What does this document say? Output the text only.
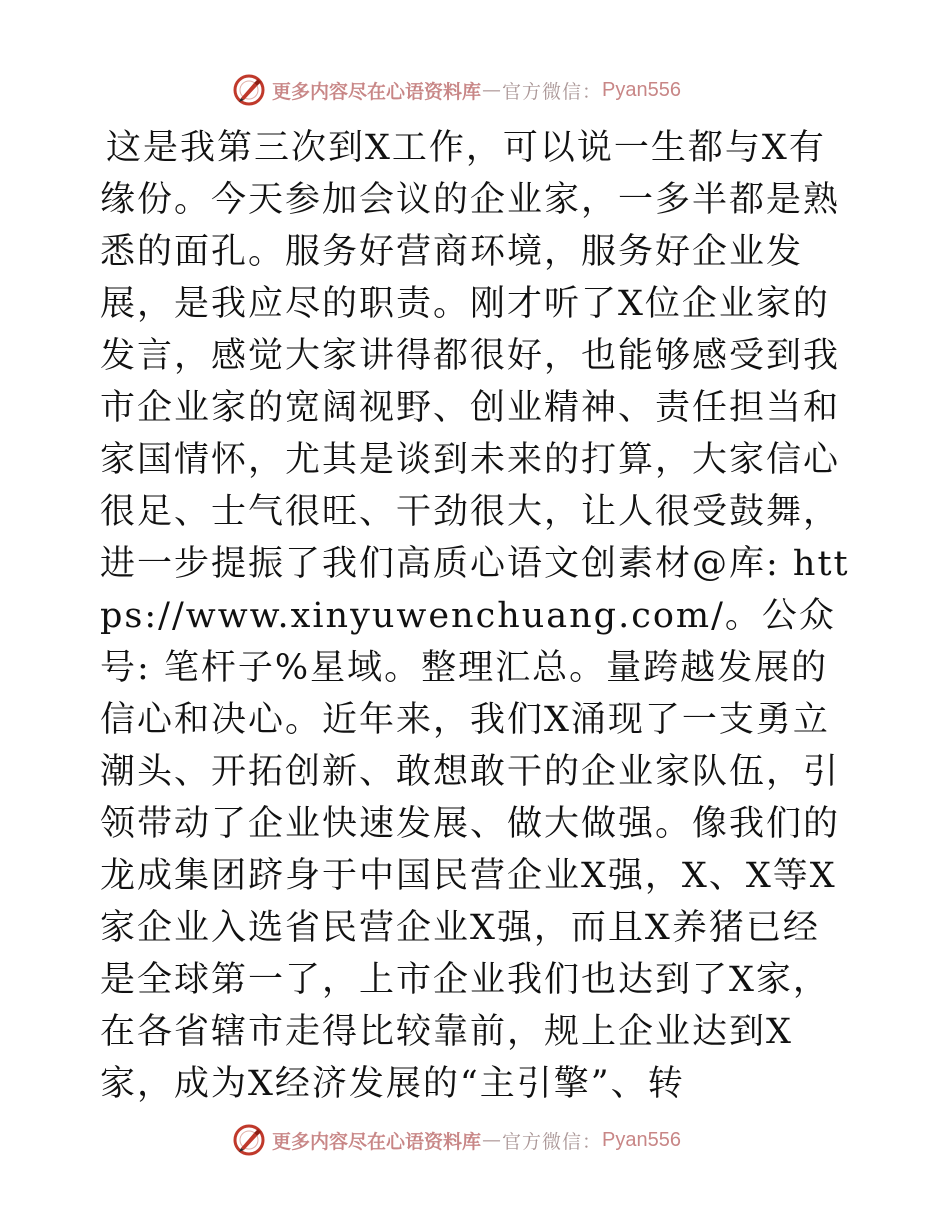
更多内容尽在心语资料库 — 官方微信： Pyan556

这是我第三次到X工作，可以说一生都与X有缘份。今天参加会议的企业家，一多半都是熟悉的面孔。服务好营商环境，服务好企业发展，是我应尽的职责。刚才听了X位企业家的发言，感觉大家讲得都很好，也能够感受到我市企业家的宽阔视野、创业精神、责任担当和家国情怀，尤其是谈到未来的打算，大家信心很足、士气很旺、干劲很大，让人很受鼓舞，进一步提振了我们高质心语文创素材@库: https://www.xinyuwenchuang.com/。公众号: 笔杆子%星域。整理汇总。量跨越发展的信心和决心。近年来，我们X涌现了一支勇立潮头、开拓创新、敢想敢干的企业家队伍，引领带动了企业快速发展、做大做强。像我们的龙成集团跻身于中国民营企业X强，X、X等X家企业入选省民营企业X强，而且X养猪已经是全球第一了，上市企业我们也达到了X家，在各省辖市走得比较靠前，规上企业达到X家，成为X经济发展的“主引擎”、转

更多内容尽在心语资料库 — 官方微信： Pyan556
